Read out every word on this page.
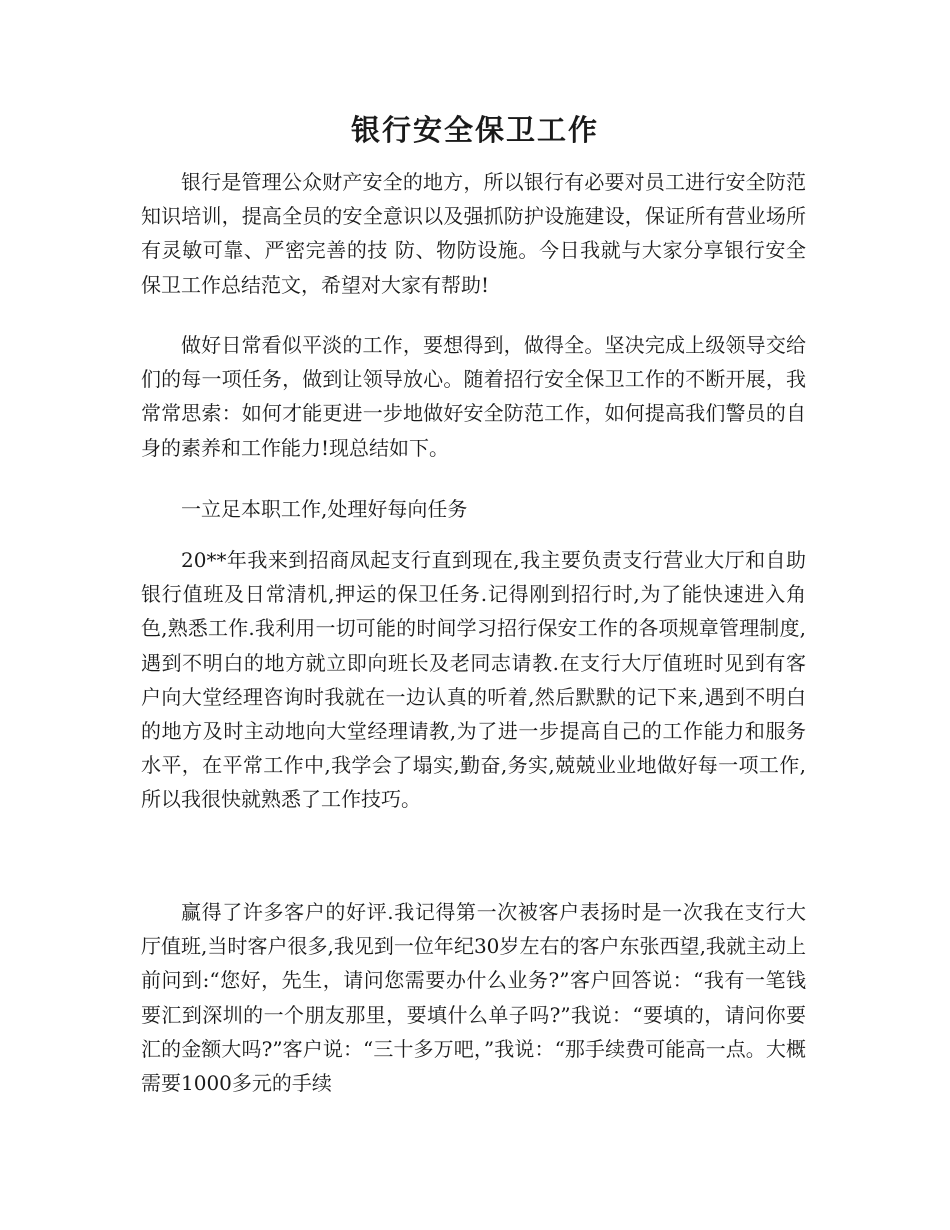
银行安全保卫工作

银行是管理公众财产安全的地方，所以银行有必要对员工进行安全防范知识培训，提高全员的安全意识以及强抓防护设施建设，保证所有营业场所有灵敏可靠、严密完善的技 防、物防设施。今日我就与大家分享银行安全保卫工作总结范文，希望对大家有帮助!

做好日常看似平淡的工作，要想得到，做得全。坚决完成上级领导交给们的每一项任务，做到让领导放心。随着招行安全保卫工作的不断开展，我常常思索：如何才能更进一步地做好安全防范工作，如何提高我们警员的自身的素养和工作能力!现总结如下。

一立足本职工作,处理好每向任务

20**年我来到招商凤起支行直到现在,我主要负责支行营业大厅和自助银行值班及日常清机,押运的保卫任务.记得刚到招行时,为了能快速进入角色,熟悉工作.我利用一切可能的时间学习招行保安工作的各项规章管理制度,遇到不明白的地方就立即向班长及老同志请教.在支行大厅值班时见到有客户向大堂经理咨询时我就在一边认真的听着,然后默默的记下来,遇到不明白的地方及时主动地向大堂经理请教,为了进一步提高自己的工作能力和服务水平，在平常工作中,我学会了塌实,勤奋,务实,兢兢业业地做好每一项工作,所以我很快就熟悉了工作技巧。

赢得了许多客户的好评.我记得第一次被客户表扬时是一次我在支行大厅值班,当时客户很多,我见到一位年纪30岁左右的客户东张西望,我就主动上前问到:“您好，先生，请问您需要办什么业务?”客户回答说：“我有一笔钱要汇到深圳的一个朋友那里，要填什么单子吗?”我说：“要填的，请问你要汇的金额大吗?”客户说：“三十多万吧，”我说：“那手续费可能高一点。大概需要1000多元的手续
